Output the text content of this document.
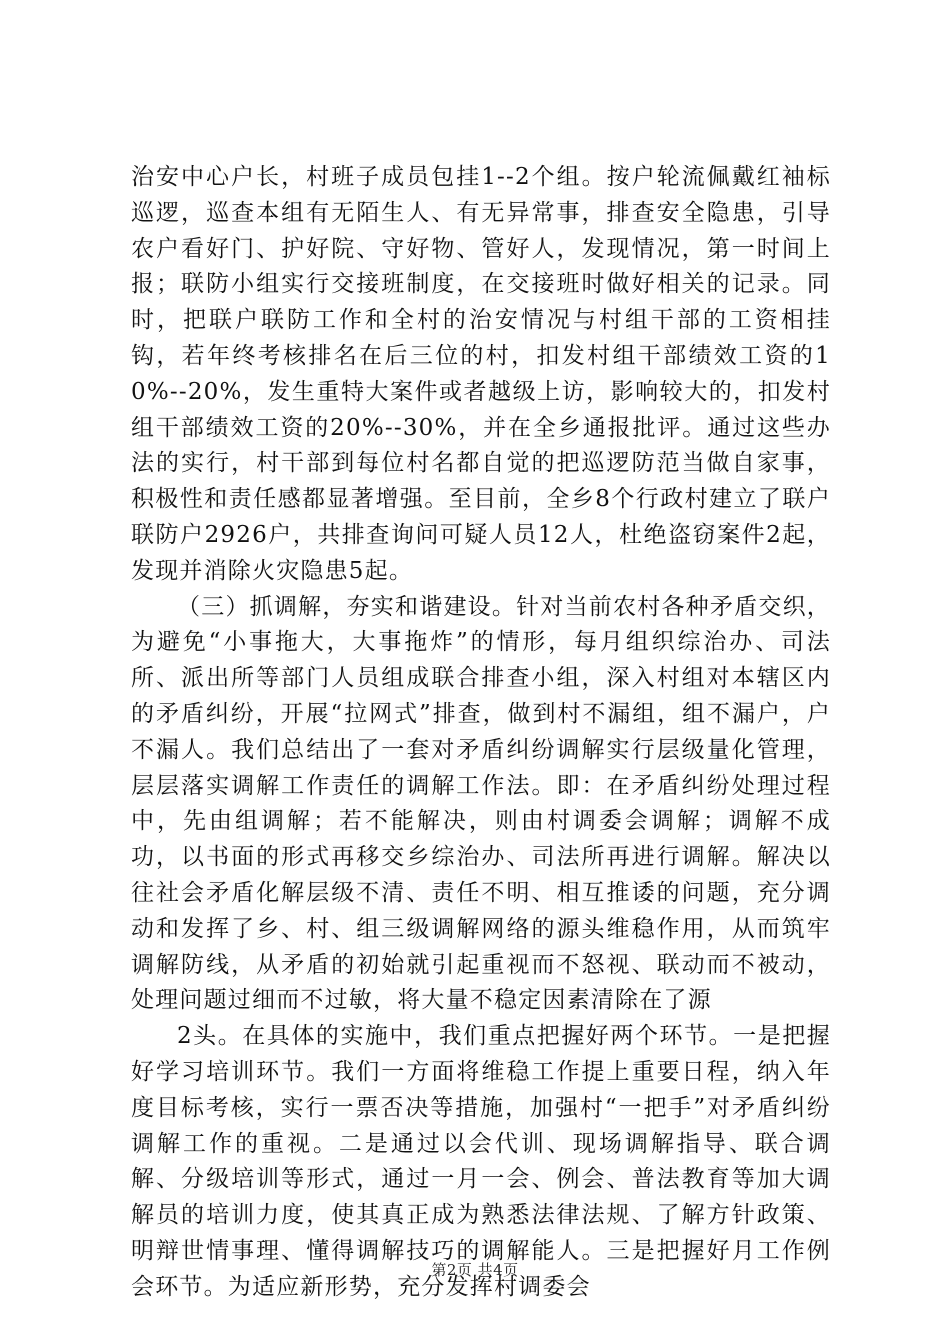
治安中心户长，村班子成员包挂1--2个组。按户轮流佩戴红袖标巡逻，巡查本组有无陌生人、有无异常事，排查安全隐患，引导农户看好门、护好院、守好物、管好人，发现情况，第一时间上报；联防小组实行交接班制度，在交接班时做好相关的记录。同时，把联户联防工作和全村的治安情况与村组干部的工资相挂钩，若年终考核排名在后三位的村，扣发村组干部绩效工资的10%--20%，发生重特大案件或者越级上访，影响较大的，扣发村组干部绩效工资的20%--30%，并在全乡通报批评。通过这些办法的实行，村干部到每位村名都自觉的把巡逻防范当做自家事，积极性和责任感都显著增强。至目前，全乡8个行政村建立了联户联防户2926户，共排查询问可疑人员12人，杜绝盗窃案件2起，发现并消除火灾隐患5起。

（三）抓调解，夯实和谐建设。针对当前农村各种矛盾交织，为避免“小事拖大，大事拖炸”的情形，每月组织综治办、司法所、派出所等部门人员组成联合排查小组，深入村组对本辖区内的矛盾纠纷，开展“拉网式”排查，做到村不漏组，组不漏户，户不漏人。我们总结出了一套对矛盾纠纷调解实行层级量化管理，层层落实调解工作责任的调解工作法。即：在矛盾纠纷处理过程中，先由组调解；若不能解决，则由村调委会调解；调解不成功，以书面的形式再移交乡综治办、司法所再进行调解。解决以往社会矛盾化解层级不清、责任不明、相互推诿的问题，充分调动和发挥了乡、村、组三级调解网络的源头维稳作用，从而筑牢调解防线，从矛盾的初始就引起重视而不怒视、联动而不被动，处理问题过细而不过敏，将大量不稳定因素清除在了源

2头。在具体的实施中，我们重点把握好两个环节。一是把握好学习培训环节。我们一方面将维稳工作提上重要日程，纳入年度目标考核，实行一票否决等措施，加强村“一把手”对矛盾纠纷调解工作的重视。二是通过以会代训、现场调解指导、联合调解、分级培训等形式，通过一月一会、例会、普法教育等加大调解员的培训力度，使其真正成为熟悉法律法规、了解方针政策、明辩世情事理、懂得调解技巧的调解能人。三是把握好月工作例会环节。为适应新形势，充分发挥村调委会

第2页 共4页
